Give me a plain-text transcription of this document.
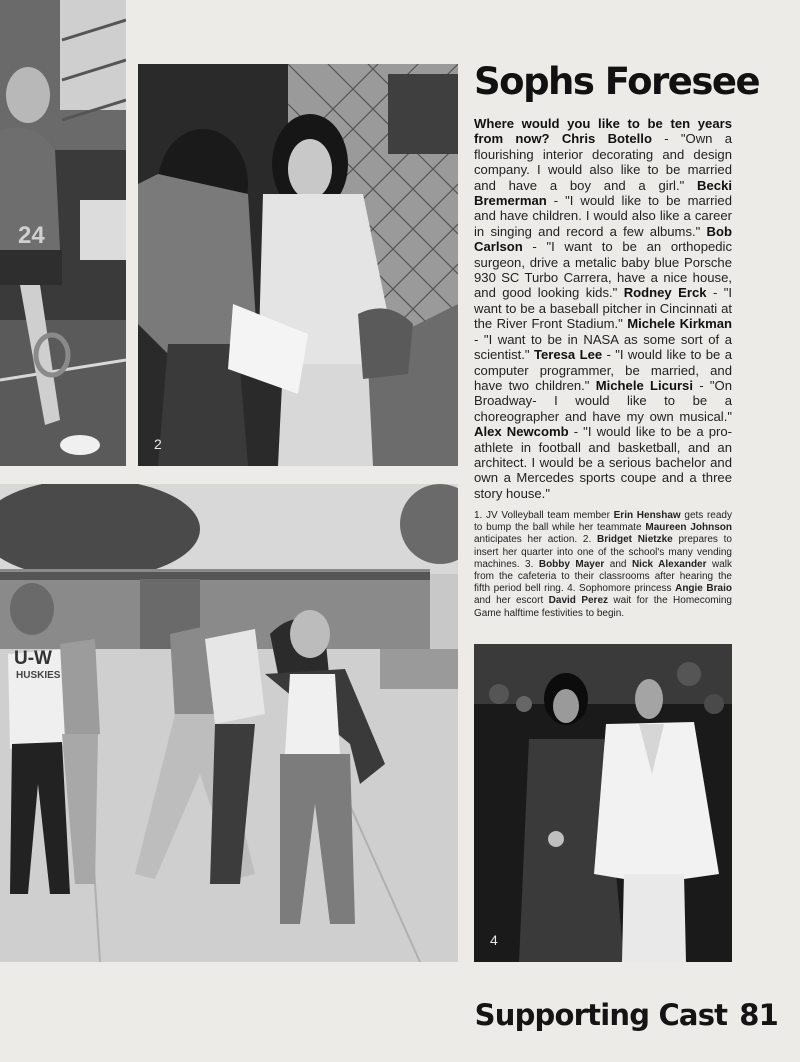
24
2
U-W
HUSKIES
4
Sophs Foresee

Where would you like to be ten years from now? Chris Botello - "Own a flourishing interior decorating and design company. I would also like to be married and have a boy and a girl." Becki Bremerman - "I would like to be married and have children. I would also like a career in singing and record a few albums." Bob Carlson - "I want to be an orthopedic surgeon, drive a metalic baby blue Porsche 930 SC Turbo Carrera, have a nice house, and good looking kids." Rodney Erck - "I want to be a baseball pitcher in Cincinnati at the River Front Stadium." Michele Kirkman - "I want to be in NASA as some sort of a scientist." Teresa Lee - "I would like to be a computer programmer, be married, and have two children." Michele Licursi - "On Broadway- I would like to be a choreographer and have my own musical." Alex Newcomb - "I would like to be a pro-athlete in football and basketball, and an architect. I would be a serious bachelor and own a Mercedes sports coupe and a three story house."

1. JV Volleyball team member Erin Henshaw gets ready to bump the ball while her teammate Maureen Johnson anticipates her action. 2. Bridget Nietzke prepares to insert her quarter into one of the school's many vending machines. 3. Bobby Mayer and Nick Alexander walk from the cafeteria to their classrooms after hearing the fifth period bell ring. 4. Sophomore princess Angie Braio and her escort David Perez wait for the Homecoming Game halftime festivities to begin.

Supporting Cast 81
